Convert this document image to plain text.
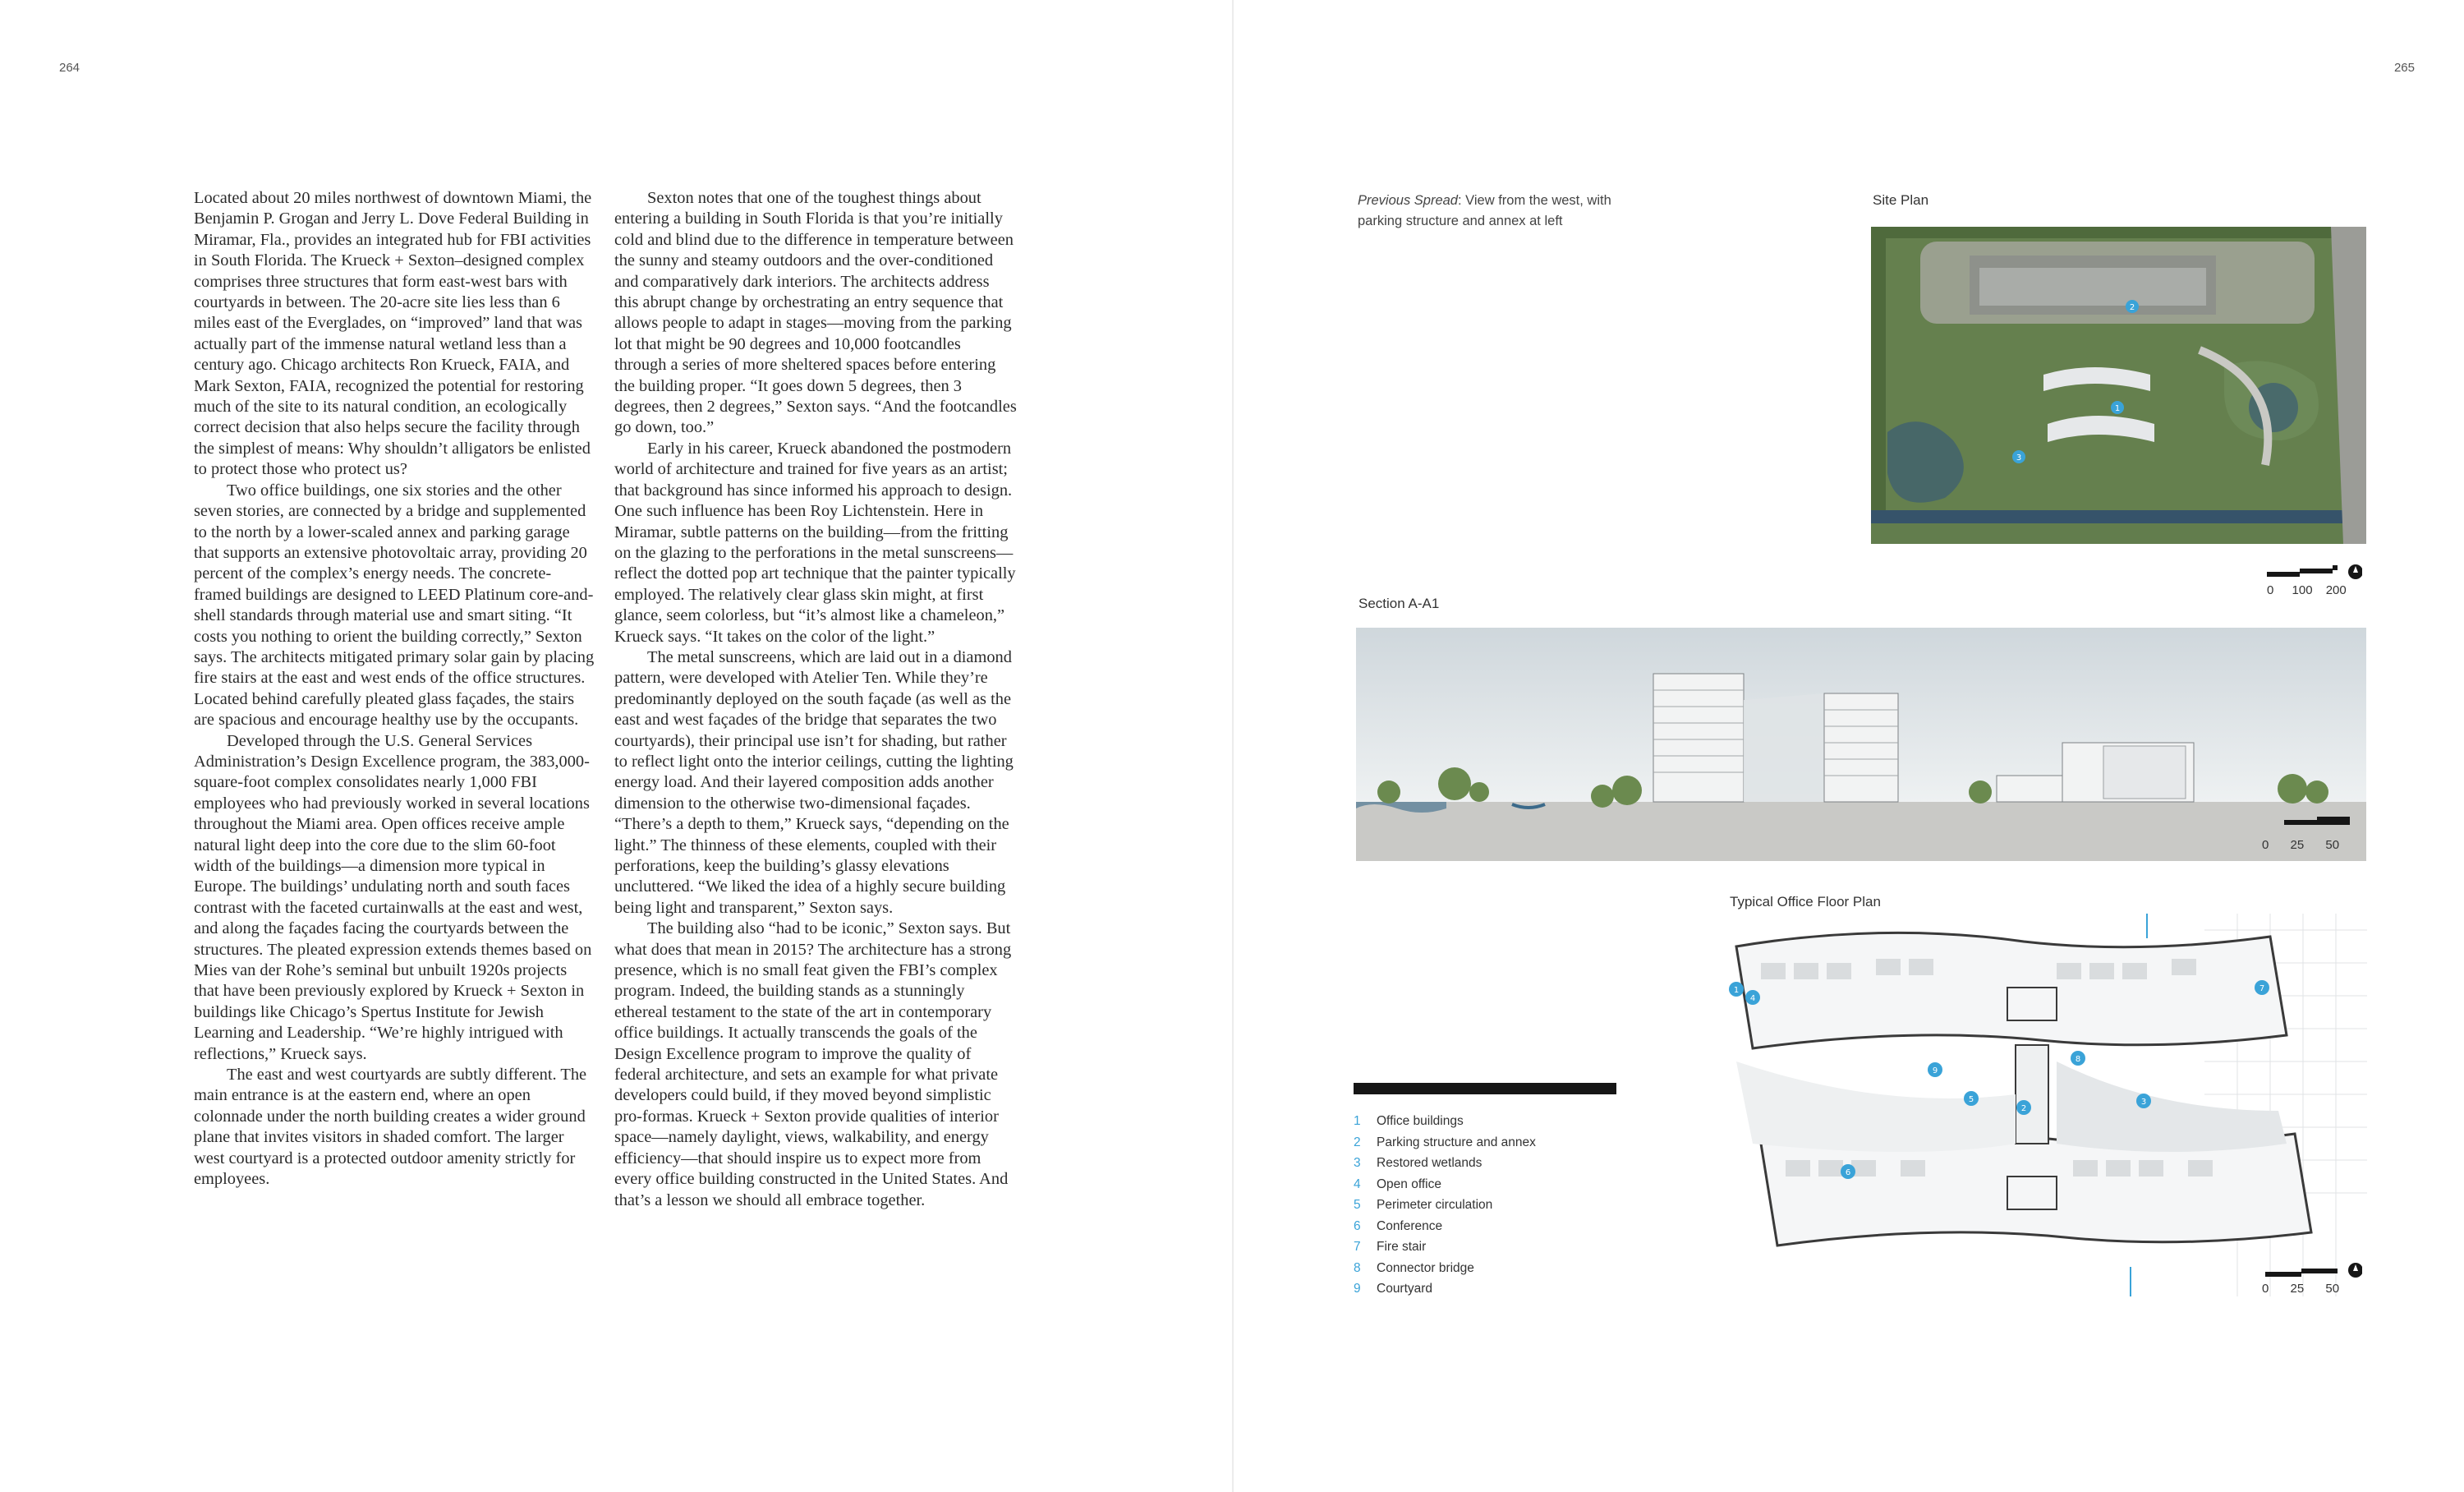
264	265

Located about 20 miles northwest of downtown Miami, the Benjamin P. Grogan and Jerry L. Dove Federal Building in Miramar, Fla., provides an integrated hub for FBI activities in South Florida. The Krueck + Sexton–designed complex comprises three structures that form east-west bars with courtyards in between. The 20-acre site lies less than 6 miles east of the Everglades, on “improved” land that was actually part of the immense natural wetland less than a century ago. Chicago architects Ron Krueck, FAIA, and Mark Sexton, FAIA, recognized the potential for restoring much of the site to its natural condition, an ecologically correct decision that also helps secure the facility through the simplest of means: Why shouldn’t alligators be enlisted to protect those who protect us?

Two office buildings, one six stories and the other seven stories, are connected by a bridge and supplemented to the north by a lower-scaled annex and parking garage that supports an extensive photovoltaic array, providing 20 percent of the complex’s energy needs. The concrete-framed buildings are designed to LEED Platinum core-and-shell standards through material use and smart siting. “It costs you nothing to orient the building correctly,” Sexton says. The architects mitigated primary solar gain by placing fire stairs at the east and west ends of the office structures. Located behind carefully pleated glass façades, the stairs are spacious and encourage healthy use by the occupants.

Developed through the U.S. General Services Administration’s Design Excellence program, the 383,000-square-foot complex consolidates nearly 1,000 FBI employees who had previously worked in several locations throughout the Miami area. Open offices receive ample natural light deep into the core due to the slim 60-foot width of the buildings—a dimension more typical in Europe. The buildings’ undulating north and south faces contrast with the faceted curtainwalls at the east and west, and along the façades facing the courtyards between the structures. The pleated expression extends themes based on Mies van der Rohe’s seminal but unbuilt 1920s projects that have been previously explored by Krueck + Sexton in buildings like Chicago’s Spertus Institute for Jewish Learning and Leadership. “We’re highly intrigued with reflections,” Krueck says.

The east and west courtyards are subtly different. The main entrance is at the eastern end, where an open colonnade under the north building creates a wider ground plane that invites visitors in shaded comfort. The larger west courtyard is a protected outdoor amenity strictly for employees.

Sexton notes that one of the toughest things about entering a building in South Florida is that you’re initially cold and blind due to the difference in temperature between the sunny and steamy outdoors and the over-conditioned and comparatively dark interiors. The architects address this abrupt change by orchestrating an entry sequence that allows people to adapt in stages—moving from the parking lot that might be 90 degrees and 10,000 footcandles through a series of more sheltered spaces before entering the building proper. “It goes down 5 degrees, then 3 degrees, then 2 degrees,” Sexton says. “And the footcandles go down, too.”

Early in his career, Krueck abandoned the postmodern world of architecture and trained for five years as an artist; that background has since informed his approach to design. One such influence has been Roy Lichtenstein. Here in Miramar, subtle patterns on the building—from the fritting on the glazing to the perforations in the metal sunscreens—reflect the dotted pop art technique that the painter typically employed. The relatively clear glass skin might, at first glance, seem colorless, but “it’s almost like a chameleon,” Krueck says. “It takes on the color of the light.”

The metal sunscreens, which are laid out in a diamond pattern, were developed with Atelier Ten. While they’re predominantly deployed on the south façade (as well as the east and west façades of the bridge that separates the two courtyards), their principal use isn’t for shading, but rather to reflect light onto the interior ceilings, cutting the lighting energy load. And their layered composition adds another dimension to the otherwise two-dimensional façades. “There’s a depth to them,” Krueck says, “depending on the light.” The thinness of these elements, coupled with their perforations, keep the building’s glassy elevations uncluttered. “We liked the idea of a highly secure building being light and transparent,” Sexton says.

The building also “had to be iconic,” Sexton says. But what does that mean in 2015? The architecture has a strong presence, which is no small feat given the FBI’s complex program. Indeed, the building stands as a stunningly ethereal testament to the state of the art in contemporary office buildings. It actually transcends the goals of the Design Excellence program to improve the quality of federal architecture, and sets an example for what private developers could build, if they moved beyond simplistic pro-formas. Krueck + Sexton provide qualities of interior space—namely daylight, views, walkability, and energy efficiency—that should inspire us to expect more from every office building constructed in the United States. And that’s a lesson we should all embrace together.

Previous Spread: View from the west, with parking structure and annex at left
Site Plan
2
1
3
0 100 200
Section A-A1
0 25 50
Typical Office Floor Plan
1
4
9
6
5
8
7
2
3
0 25 50
1 Office buildings
2 Parking structure and annex
3 Restored wetlands
4 Open office
5 Perimeter circulation
6 Conference
7 Fire stair
8 Connector bridge
9 Courtyard
